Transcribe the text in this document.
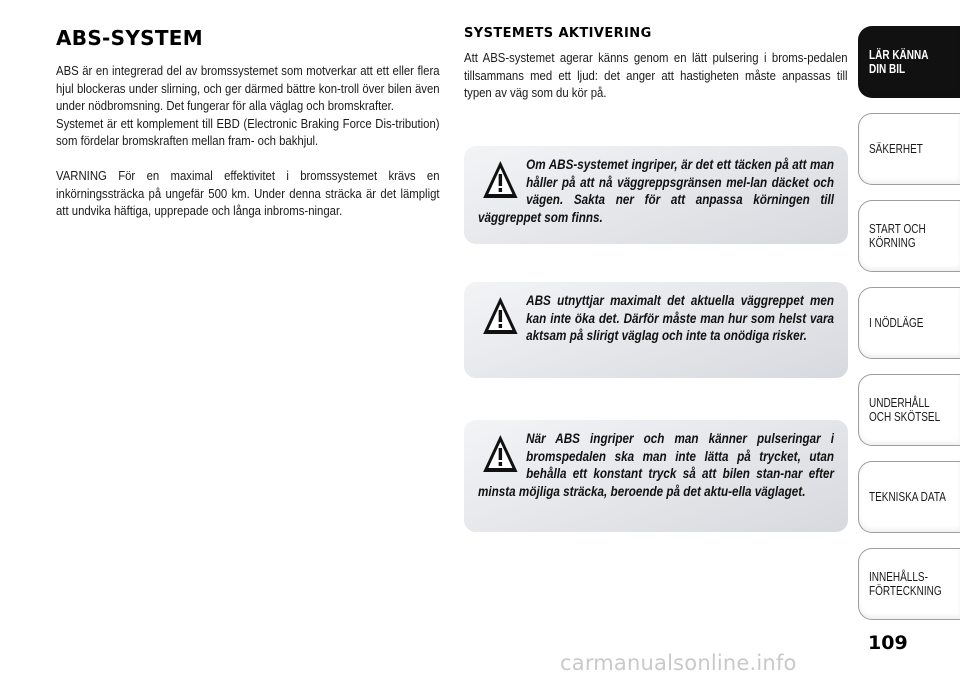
ABS-SYSTEM

ABS är en integrerad del av bromssystemet som motverkar att ett eller flera hjul blockeras under slirning, och ger därmed bättre kon-troll över bilen även under nödbromsning. Det fungerar för alla väglag och bromskrafter.

Systemet är ett komplement till EBD (Electronic Braking Force Dis-tribution) som fördelar bromskraften mellan fram- och bakhjul.

VARNING För en maximal effektivitet i bromssystemet krävs en inkörningssträcka på ungefär 500 km. Under denna sträcka är det lämpligt att undvika häftiga, upprepade och långa inbroms-ningar.

SYSTEMETS AKTIVERING

Att ABS-systemet agerar känns genom en lätt pulsering i broms-pedalen tillsammans med ett ljud: det anger att hastigheten måste anpassas till typen av väg som du kör på.

Om ABS-systemet ingriper, är det ett täcken på att man håller på att nå väggreppsgränsen mel-lan däcket och vägen. Sakta ner för att anpassa körningen till väggreppet som finns.
ABS utnyttjar maximalt det aktuella väggreppet men kan inte öka det. Därför måste man hur som helst vara aktsam på slirigt väglag och inte ta onödiga risker.
När ABS ingriper och man känner pulseringar i bromspedalen ska man inte lätta på trycket, utan behålla ett konstant tryck så att bilen stan-nar efter minsta möjliga sträcka, beroende på det aktu-ella väglaget.
LÄR KÄNNA
DIN BIL
SÄKERHET
START OCH
KÖRNING
I NÖDLÄGE
UNDERHÅLL
OCH SKÖTSEL
TEKNISKA DATA
INNEHÅLLS-
FÖRTECKNING
109
carmanualsonline.info
